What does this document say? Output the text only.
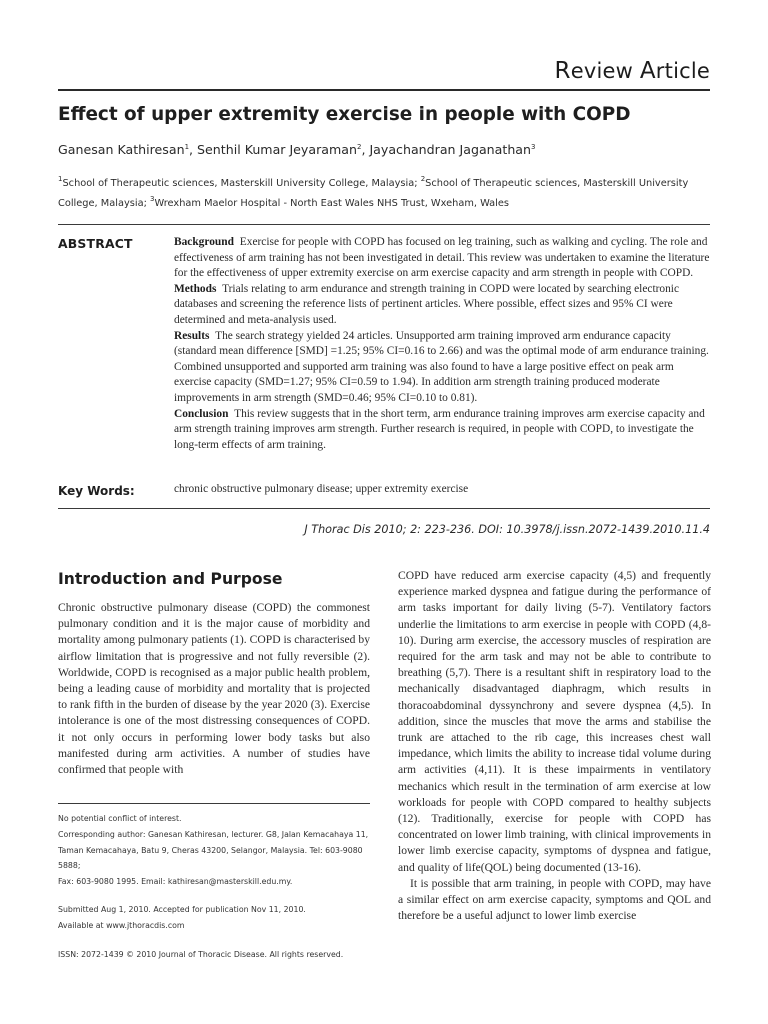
Review Article
Effect of upper extremity exercise in people with COPD
Ganesan Kathiresan$^1$, Senthil Kumar Jeyaraman$^2$, Jayachandran Jaganathan$^3$
$^1$School of Therapeutic sciences, Masterskill University College, Malaysia; $^2$School of Therapeutic sciences, Masterskill University College, Malaysia; $^3$Wrexham Maelor Hospital - North East Wales NHS Trust, Wxeham, Wales
ABSTRACT	Background Exercise for people with COPD has focused on leg training, such as walking and cycling. The role and effectiveness of arm training has not been investigated in detail. This review was undertaken to examine the literature for the effectiveness of upper extremity exercise on arm exercise capacity and arm strength in people with COPD.

Methods Trials relating to arm endurance and strength training in COPD were located by searching electronic databases and screening the reference lists of pertinent articles. Where possible, effect sizes and 95% CI were determined and meta-analysis used.

Results The search strategy yielded 24 articles. Unsupported arm training improved arm endurance capacity (standard mean difference [SMD] =1.25; 95% CI=0.16 to 2.66) and was the optimal mode of arm endurance training. Combined unsupported and supported arm training was also found to have a large positive effect on peak arm exercise capacity (SMD=1.27; 95% CI=0.59 to 1.94). In addition arm strength training produced moderate improvements in arm strength (SMD=0.46; 95% CI=0.10 to 0.81).

Conclusion This review suggests that in the short term, arm endurance training improves arm exercise capacity and arm strength training improves arm strength. Further research is required, in people with COPD, to investigate the long-term effects of arm training.

Key Words:	chronic obstructive pulmonary disease; upper extremity exercise
J Thorac Dis 2010; 2: 223-236. DOI: 10.3978/j.issn.2072-1439.2010.11.4
Introduction and Purpose

Chronic obstructive pulmonary disease (COPD) the commonest pulmonary condition and it is the major cause of morbidity and mortality among pulmonary patients (1). COPD is characterised by airflow limitation that is progressive and not fully reversible (2). Worldwide, COPD is recognised as a major public health problem, being a leading cause of morbidity and mortality that is projected to rank fifth in the burden of disease by the year 2020 (3). Exercise intolerance is one of the most distressing consequences of COPD. it not only occurs in performing lower body tasks but also manifested during arm activities. A number of studies have confirmed that people with

COPD have reduced arm exercise capacity (4,5) and frequently experience marked dyspnea and fatigue during the performance of arm tasks important for daily living (5-7). Ventilatory factors underlie the limitations to arm exercise in people with COPD (4,8-10). During arm exercise, the accessory muscles of respiration are required for the arm task and may not be able to contribute to breathing (5,7). There is a resultant shift in respiratory load to the mechanically disadvantaged diaphragm, which results in thoracoabdominal dyssynchrony and severe dyspnea (4,5). In addition, since the muscles that move the arms and stabilise the trunk are attached to the rib cage, this increases chest wall impedance, which limits the ability to increase tidal volume during arm activities (4,11). It is these impairments in ventilatory mechanics which result in the termination of arm exercise at low workloads for people with COPD compared to healthy subjects (12). Traditionally, exercise for people with COPD has concentrated on lower limb training, with clinical improvements in lower limb exercise capacity, symptoms of dyspnea and fatigue, and quality of life(QOL) being documented (13-16).

It is possible that arm training, in people with COPD, may have a similar effect on arm exercise capacity, symptoms and QOL and therefore be a useful adjunct to lower limb exercise

No potential conflict of interest.
Corresponding author: Ganesan Kathiresan, lecturer. G8, Jalan Kemacahaya 11,
Taman Kemacahaya, Batu 9, Cheras 43200, Selangor, Malaysia. Tel: 603-9080 5888;
Fax: 603-9080 1995. Email: kathiresan@masterskill.edu.my.
Submitted Aug 1, 2010. Accepted for publication Nov 11, 2010.
Available at www.jthoracdis.com
ISSN: 2072-1439 © 2010 Journal of Thoracic Disease. All rights reserved.
